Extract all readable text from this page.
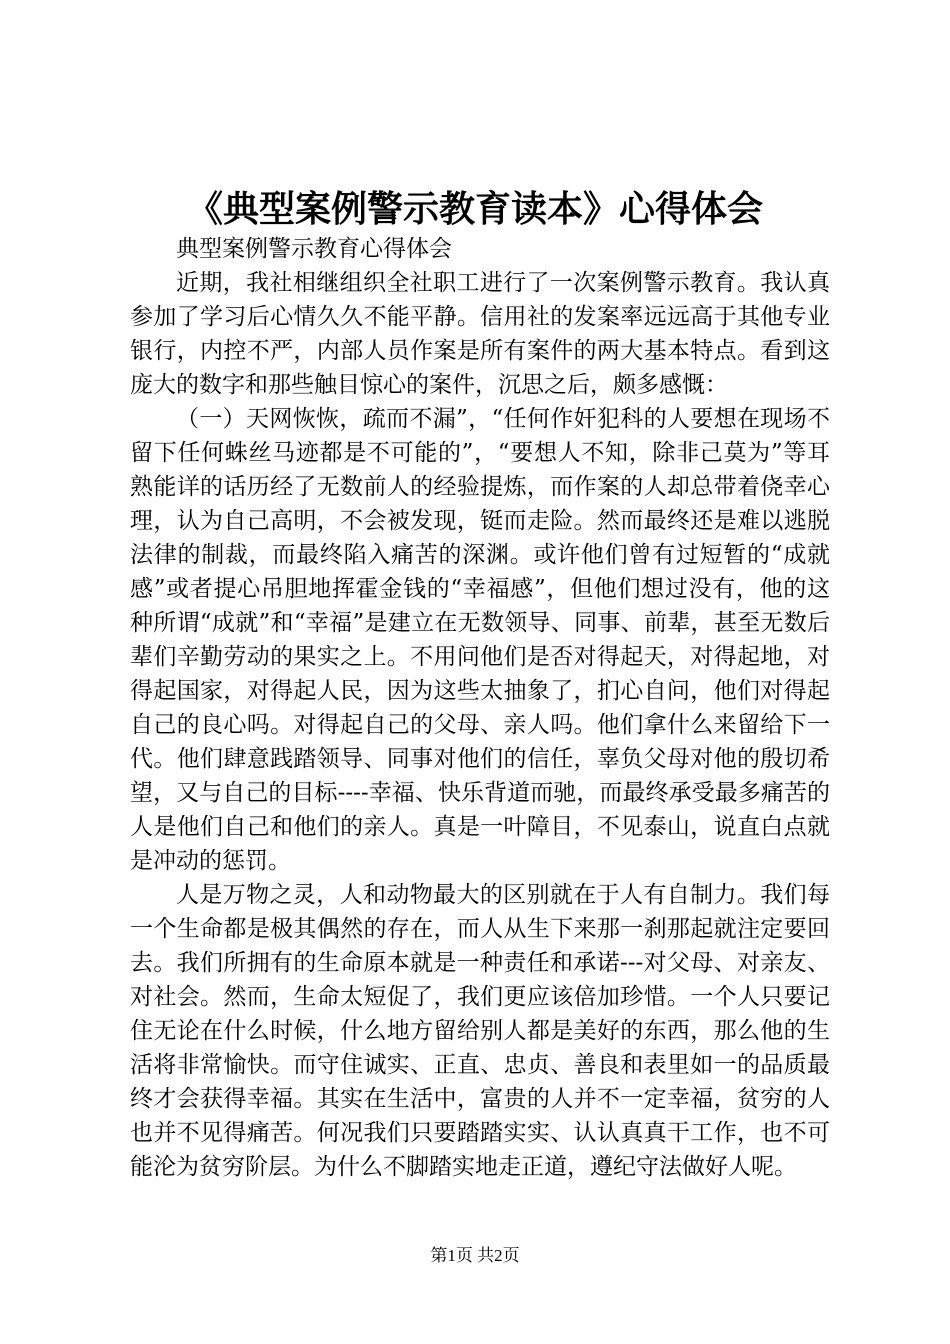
《典型案例警示教育读本》心得体会

典型案例警示教育心得体会

近期，我社相继组织全社职工进行了一次案例警示教育。我认真参加了学习后心情久久不能平静。信用社的发案率远远高于其他专业银行，内控不严，内部人员作案是所有案件的两大基本特点。看到这庞大的数字和那些触目惊心的案件，沉思之后，颇多感慨：

（一）天网恢恢，疏而不漏”，“任何作奸犯科的人要想在现场不留下任何蛛丝马迹都是不可能的”，“要想人不知，除非己莫为”等耳熟能详的话历经了无数前人的经验提炼，而作案的人却总带着侥幸心理，认为自己高明，不会被发现，铤而走险。然而最终还是难以逃脱法律的制裁，而最终陷入痛苦的深渊。或许他们曾有过短暂的“成就感”或者提心吊胆地挥霍金钱的“幸福感”，但他们想过没有，他的这种所谓“成就”和“幸福”是建立在无数领导、同事、前辈，甚至无数后辈们辛勤劳动的果实之上。不用问他们是否对得起天，对得起地，对得起国家，对得起人民，因为这些太抽象了，扪心自问，他们对得起自己的良心吗。对得起自己的父母、亲人吗。他们拿什么来留给下一代。他们肆意践踏领导、同事对他们的信任，辜负父母对他的殷切希望，又与自己的目标----幸福、快乐背道而驰，而最终承受最多痛苦的人是他们自己和他们的亲人。真是一叶障目，不见泰山，说直白点就是冲动的惩罚。

人是万物之灵，人和动物最大的区别就在于人有自制力。我们每一个生命都是极其偶然的存在，而人从生下来那一刹那起就注定要回去。我们所拥有的生命原本就是一种责任和承诺---对父母、对亲友、对社会。然而，生命太短促了，我们更应该倍加珍惜。一个人只要记住无论在什么时候，什么地方留给别人都是美好的东西，那么他的生活将非常愉快。而守住诚实、正直、忠贞、善良和表里如一的品质最终才会获得幸福。其实在生活中，富贵的人并不一定幸福，贫穷的人也并不见得痛苦。何况我们只要踏踏实实、认认真真干工作，也不可能沦为贫穷阶层。为什么不脚踏实地走正道，遵纪守法做好人呢。

第1页 共2页
